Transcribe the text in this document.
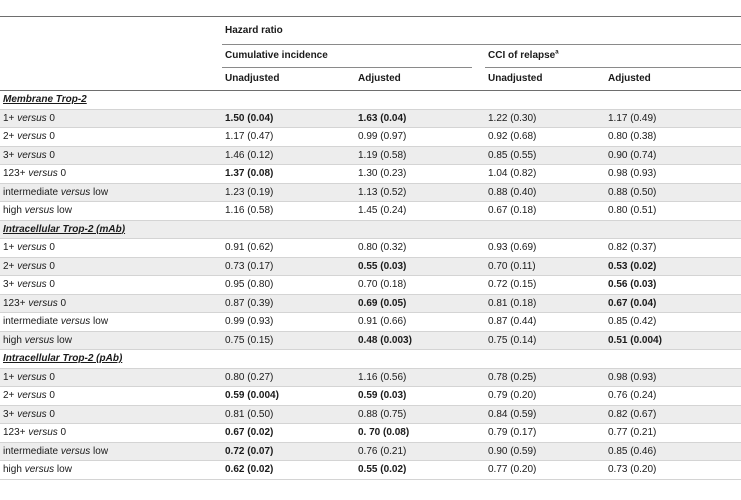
Hazard ratio
Cumulative incidence	CCI of relapse$^a$
Unadjusted	Adjusted	Unadjusted	Adjusted
Membrane Trop-2
1+ versus 0	1.50 (0.04)	1.63 (0.04)	1.22 (0.30)	1.17 (0.49)
2+ versus 0	1.17 (0.47)	0.99 (0.97)	0.92 (0.68)	0.80 (0.38)
3+ versus 0	1.46 (0.12)	1.19 (0.58)	0.85 (0.55)	0.90 (0.74)
123+ versus 0	1.37 (0.08)	1.30 (0.23)	1.04 (0.82)	0.98 (0.93)
intermediate versus low	1.23 (0.19)	1.13 (0.52)	0.88 (0.40)	0.88 (0.50)
high versus low	1.16 (0.58)	1.45 (0.24)	0.67 (0.18)	0.80 (0.51)
Intracellular Trop-2 (mAb)
1+ versus 0	0.91 (0.62)	0.80 (0.32)	0.93 (0.69)	0.82 (0.37)
2+ versus 0	0.73 (0.17)	0.55 (0.03)	0.70 (0.11)	0.53 (0.02)
3+ versus 0	0.95 (0.80)	0.70 (0.18)	0.72 (0.15)	0.56 (0.03)
123+ versus 0	0.87 (0.39)	0.69 (0.05)	0.81 (0.18)	0.67 (0.04)
intermediate versus low	0.99 (0.93)	0.91 (0.66)	0.87 (0.44)	0.85 (0.42)
high versus low	0.75 (0.15)	0.48 (0.003)	0.75 (0.14)	0.51 (0.004)
Intracellular Trop-2 (pAb)
1+ versus 0	0.80 (0.27)	1.16 (0.56)	0.78 (0.25)	0.98 (0.93)
2+ versus 0	0.59 (0.004)	0.59 (0.03)	0.79 (0.20)	0.76 (0.24)
3+ versus 0	0.81 (0.50)	0.88 (0.75)	0.84 (0.59)	0.82 (0.67)
123+ versus 0	0.67 (0.02)	0. 70 (0.08)	0.79 (0.17)	0.77 (0.21)
intermediate versus low	0.72 (0.07)	0.76 (0.21)	0.90 (0.59)	0.85 (0.46)
high versus low	0.62 (0.02)	0.55 (0.02)	0.77 (0.20)	0.73 (0.20)
